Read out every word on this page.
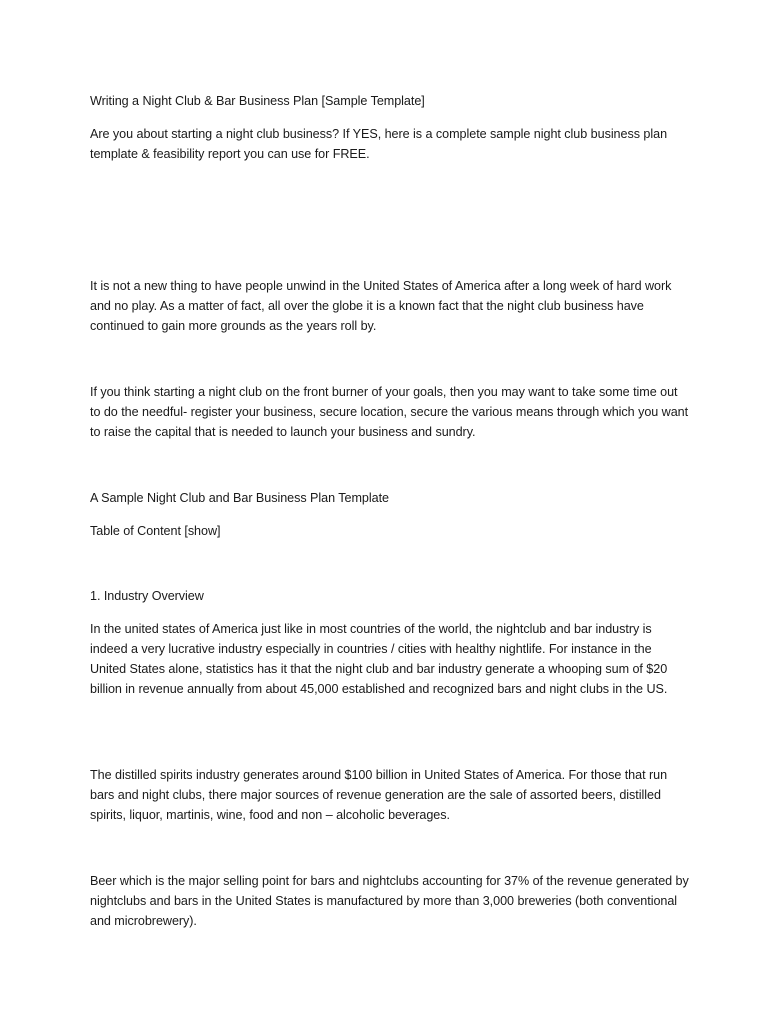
Writing a Night Club & Bar Business Plan [Sample Template]

Are you about starting a night club business? If YES, here is a complete sample night club business plan template & feasibility report you can use for FREE.

It is not a new thing to have people unwind in the United States of America after a long week of hard work and no play. As a matter of fact, all over the globe it is a known fact that the night club business have continued to gain more grounds as the years roll by.

If you think starting a night club on the front burner of your goals, then you may want to take some time out to do the needful- register your business, secure location, secure the various means through which you want to raise the capital that is needed to launch your business and sundry.

A Sample Night Club and Bar Business Plan Template

Table of Content [show]

1. Industry Overview

In the united states of America just like in most countries of the world, the nightclub and bar industry is indeed a very lucrative industry especially in countries / cities with healthy nightlife. For instance in the United States alone, statistics has it that the night club and bar industry generate a whooping sum of $20 billion in revenue annually from about 45,000 established and recognized bars and night clubs in the US.

The distilled spirits industry generates around $100 billion in United States of America. For those that run bars and night clubs, there major sources of revenue generation are the sale of assorted beers, distilled spirits, liquor, martinis, wine, food and non – alcoholic beverages.

Beer which is the major selling point for bars and nightclubs accounting for 37% of the revenue generated by nightclubs and bars in the United States is manufactured by more than 3,000 breweries (both conventional and microbrewery).
